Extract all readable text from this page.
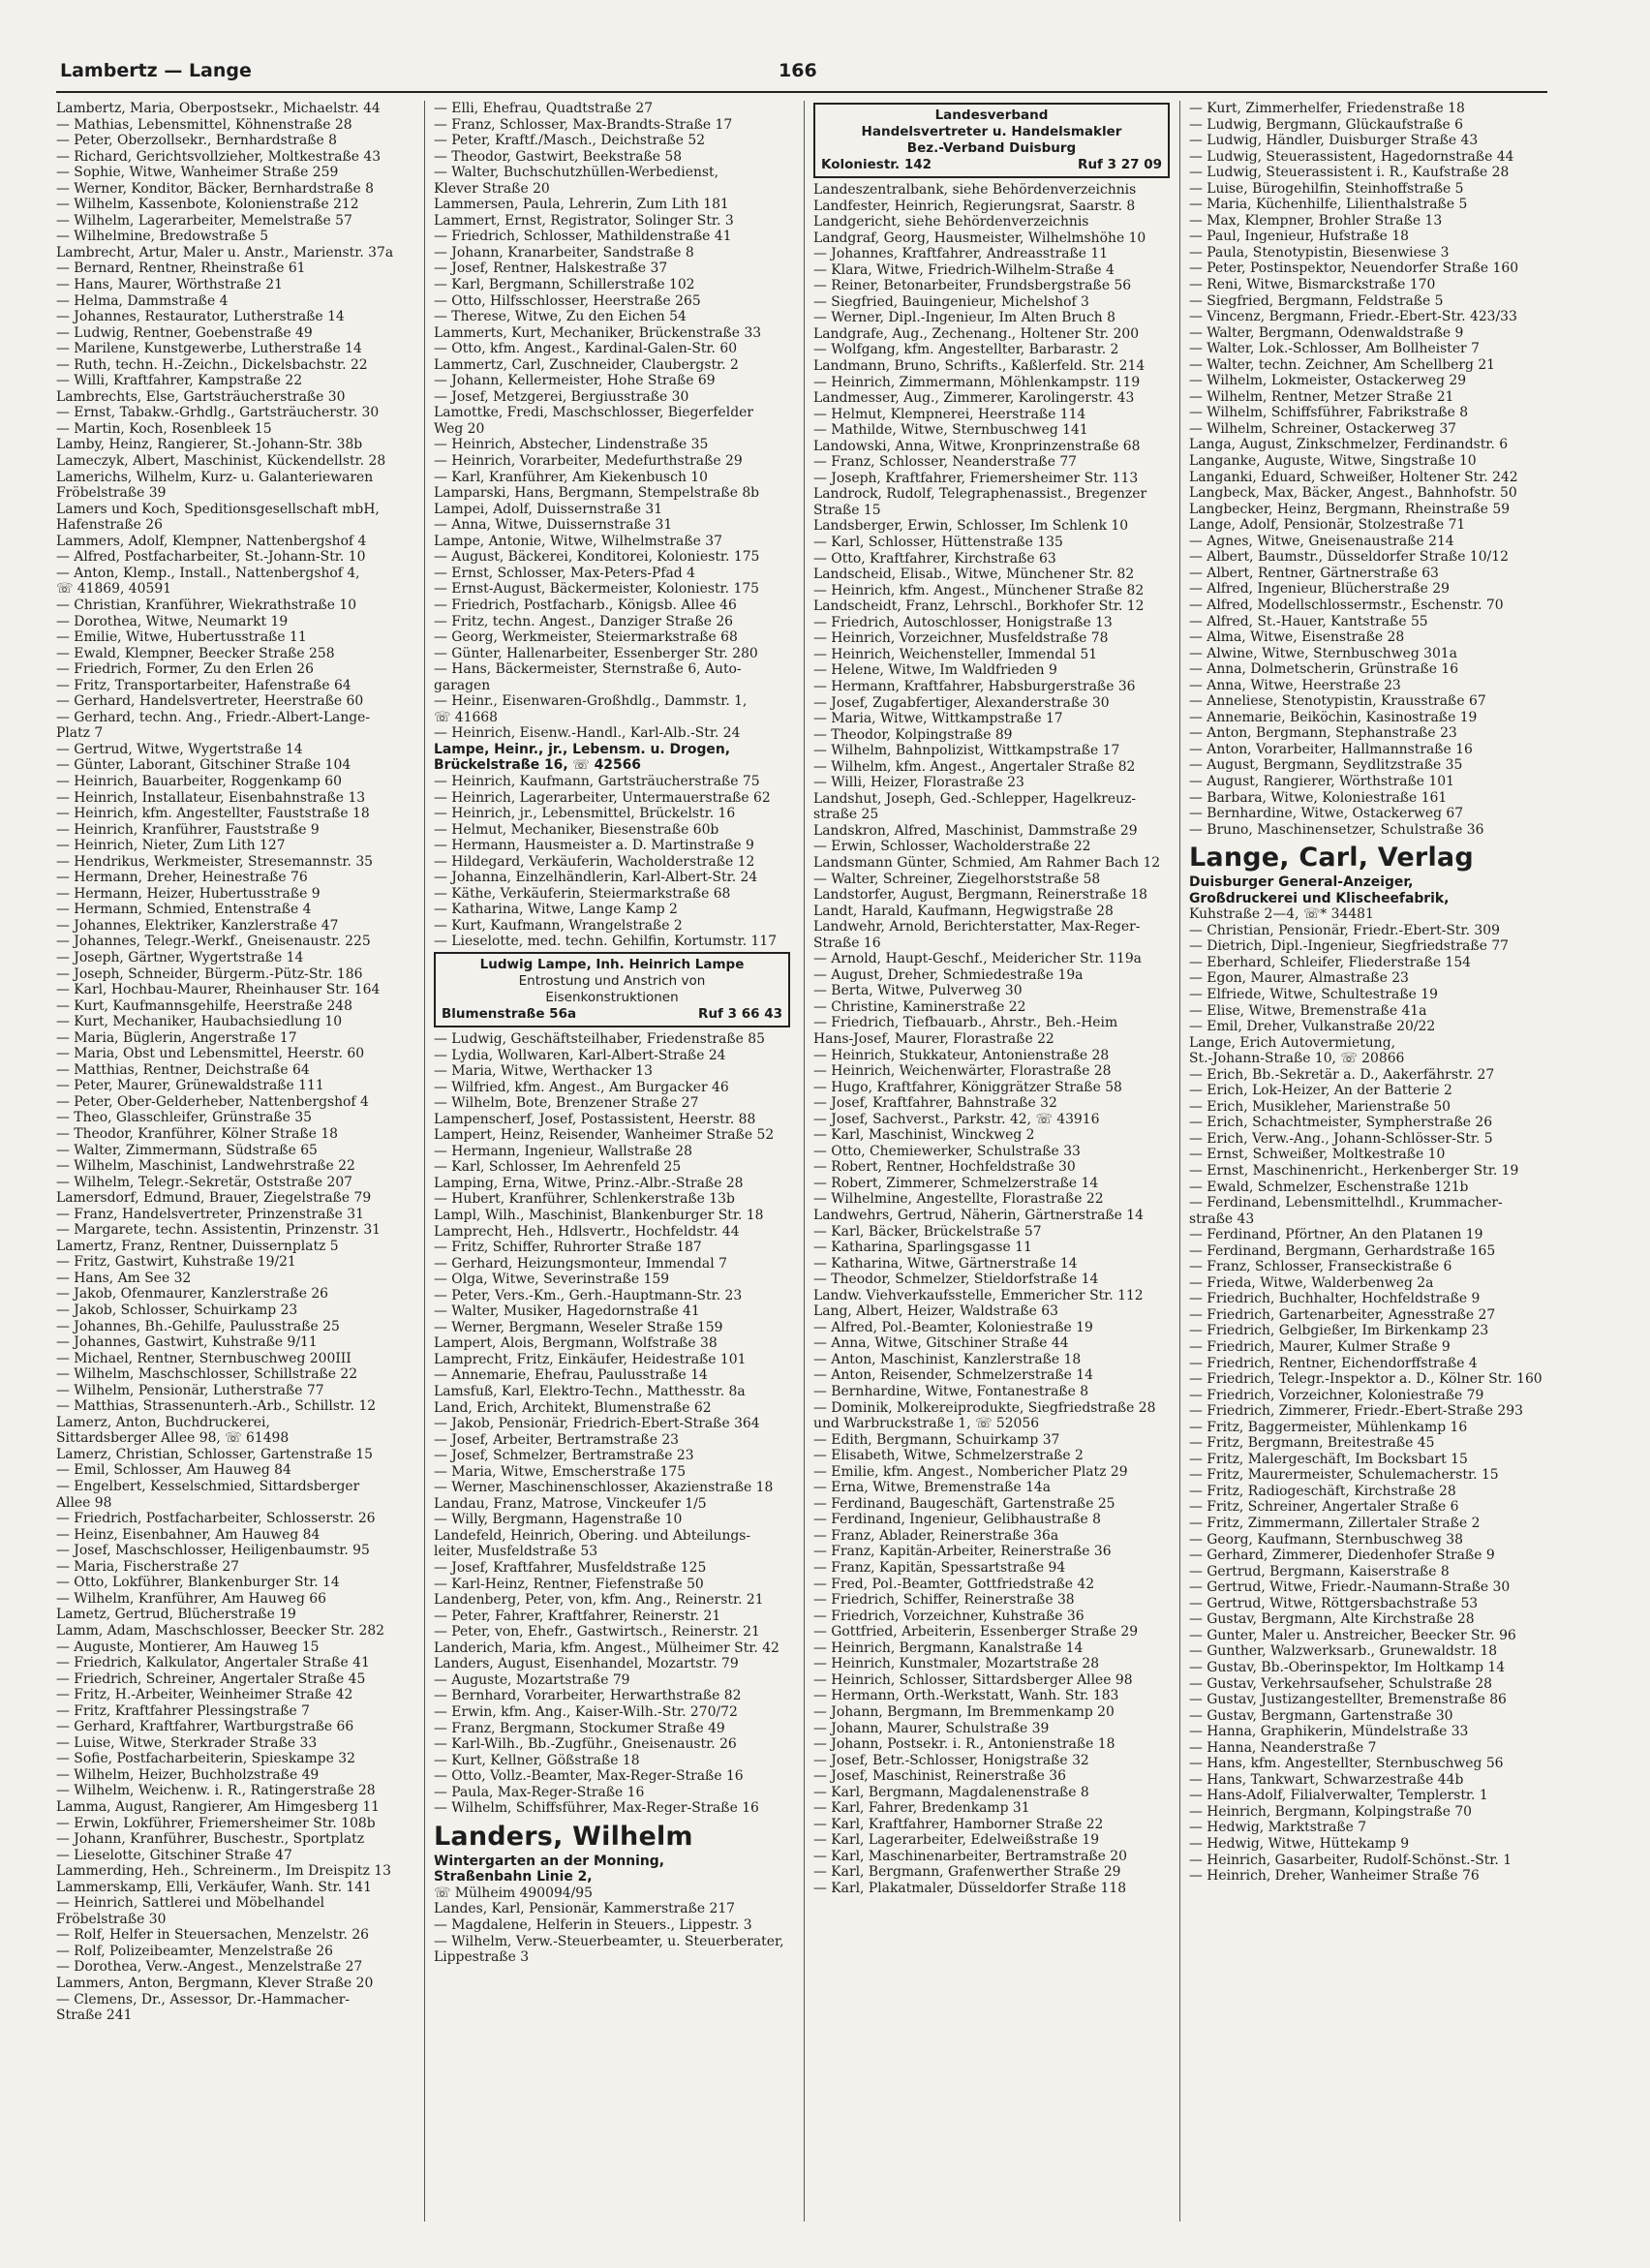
Lambertz — Lange	166
Lambertz, Maria, Oberpostsekr., Michaelstr. 44
— Mathias, Lebensmittel, Köhnenstraße 28
— Peter, Oberzollsekr., Bernhardstraße 8
— Richard, Gerichtsvollzieher, Moltkestraße 43
— Sophie, Witwe, Wanheimer Straße 259
— Werner, Konditor, Bäcker, Bernhardstraße 8
— Wilhelm, Kassenbote, Kolonienstraße 212
— Wilhelm, Lagerarbeiter, Memelstraße 57
— Wilhelmine, Bredowstraße 5
Lambrecht, Artur, Maler u. Anstr., Marienstr. 37a
— Bernard, Rentner, Rheinstraße 61
— Hans, Maurer, Wörthstraße 21
— Helma, Dammstraße 4
— Johannes, Restaurator, Lutherstraße 14
— Ludwig, Rentner, Goebenstraße 49
— Marilene, Kunstgewerbe, Lutherstraße 14
— Ruth, techn. H.-Zeichn., Dickelsbachstr. 22
— Willi, Kraftfahrer, Kampstraße 22
Lambrechts, Else, Gartsträucherstraße 30
— Ernst, Tabakw.-Grhdlg., Gartsträucherstr. 30
— Martin, Koch, Rosenbleek 15
Lamby, Heinz, Rangierer, St.-Johann-Str. 38b
Lameczyk, Albert, Maschinist, Kückendellstr. 28
Lamerichs, Wilhelm, Kurz- u. Galanteriewaren
Fröbelstraße 39
Lamers und Koch, Speditionsgesellschaft mbH,
Hafenstraße 26
Lammers, Adolf, Klempner, Nattenbergshof 4
— Alfred, Postfacharbeiter, St.-Johann-Str. 10
— Anton, Klemp., Install., Nattenbergshof 4,
☏ 41869, 40591
— Christian, Kranführer, Wiekrathstraße 10
— Dorothea, Witwe, Neumarkt 19
— Emilie, Witwe, Hubertusstraße 11
— Ewald, Klempner, Beecker Straße 258
— Friedrich, Former, Zu den Erlen 26
— Fritz, Transportarbeiter, Hafenstraße 64
— Gerhard, Handelsvertreter, Heerstraße 60
— Gerhard, techn. Ang., Friedr.-Albert-Lange-
Platz 7
— Gertrud, Witwe, Wygertstraße 14
— Günter, Laborant, Gitschiner Straße 104
— Heinrich, Bauarbeiter, Roggenkamp 60
— Heinrich, Installateur, Eisenbahnstraße 13
— Heinrich, kfm. Angestellter, Fauststraße 18
— Heinrich, Kranführer, Fauststraße 9
— Heinrich, Nieter, Zum Lith 127
— Hendrikus, Werkmeister, Stresemannstr. 35
— Hermann, Dreher, Heinestraße 76
— Hermann, Heizer, Hubertusstraße 9
— Hermann, Schmied, Entenstraße 4
— Johannes, Elektriker, Kanzlerstraße 47
— Johannes, Telegr.-Werkf., Gneisenaustr. 225
— Joseph, Gärtner, Wygertstraße 14
— Joseph, Schneider, Bürgerm.-Pütz-Str. 186
— Karl, Hochbau-Maurer, Rheinhauser Str. 164
— Kurt, Kaufmannsgehilfe, Heerstraße 248
— Kurt, Mechaniker, Haubachsiedlung 10
— Maria, Büglerin, Angerstraße 17
— Maria, Obst und Lebensmittel, Heerstr. 60
— Matthias, Rentner, Deichstraße 64
— Peter, Maurer, Grünewaldstraße 111
— Peter, Ober-Gelderheber, Nattenbergshof 4
— Theo, Glasschleifer, Grünstraße 35
— Theodor, Kranführer, Kölner Straße 18
— Walter, Zimmermann, Südstraße 65
— Wilhelm, Maschinist, Landwehrstraße 22
— Wilhelm, Telegr.-Sekretär, Oststraße 207
Lamersdorf, Edmund, Brauer, Ziegelstraße 79
— Franz, Handelsvertreter, Prinzenstraße 31
— Margarete, techn. Assistentin, Prinzenstr. 31
Lamertz, Franz, Rentner, Duissernplatz 5
— Fritz, Gastwirt, Kuhstraße 19/21
— Hans, Am See 32
— Jakob, Ofenmaurer, Kanzlerstraße 26
— Jakob, Schlosser, Schuirkamp 23
— Johannes, Bh.-Gehilfe, Paulusstraße 25
— Johannes, Gastwirt, Kuhstraße 9/11
— Michael, Rentner, Sternbuschweg 200III
— Wilhelm, Maschschlosser, Schillstraße 22
— Wilhelm, Pensionär, Lutherstraße 77
— Matthias, Strassenunterh.-Arb., Schillstr. 12
Lamerz, Anton, Buchdruckerei,
Sittardsberger Allee 98, ☏ 61498
Lamerz, Christian, Schlosser, Gartenstraße 15
— Emil, Schlosser, Am Hauweg 84
— Engelbert, Kesselschmied, Sittardsberger
Allee 98
— Friedrich, Postfacharbeiter, Schlosserstr. 26
— Heinz, Eisenbahner, Am Hauweg 84
— Josef, Maschschlosser, Heiligenbaumstr. 95
— Maria, Fischerstraße 27
— Otto, Lokführer, Blankenburger Str. 14
— Wilhelm, Kranführer, Am Hauweg 66
Lametz, Gertrud, Blücherstraße 19
Lamm, Adam, Maschschlosser, Beecker Str. 282
— Auguste, Montierer, Am Hauweg 15
— Friedrich, Kalkulator, Angertaler Straße 41
— Friedrich, Schreiner, Angertaler Straße 45
— Fritz, H.-Arbeiter, Weinheimer Straße 42
— Fritz, Kraftfahrer Plessingstraße 7
— Gerhard, Kraftfahrer, Wartburgstraße 66
— Luise, Witwe, Sterkrader Straße 33
— Sofie, Postfacharbeiterin, Spieskampe 32
— Wilhelm, Heizer, Buchholzstraße 49
— Wilhelm, Weichenw. i. R., Ratingerstraße 28
Lamma, August, Rangierer, Am Himgesberg 11
— Erwin, Lokführer, Friemersheimer Str. 108b
— Johann, Kranführer, Buschestr., Sportplatz
— Lieselotte, Gitschiner Straße 47
Lammerding, Heh., Schreinerm., Im Dreispitz 13
Lammerskamp, Elli, Verkäufer, Wanh. Str. 141
— Heinrich, Sattlerei und Möbelhandel
Fröbelstraße 30
— Rolf, Helfer in Steuersachen, Menzelstr. 26
— Rolf, Polizeibeamter, Menzelstraße 26
— Dorothea, Verw.-Angest., Menzelstraße 27
Lammers, Anton, Bergmann, Klever Straße 20
— Clemens, Dr., Assessor, Dr.-Hammacher-
Straße 241
— Elli, Ehefrau, Quadtstraße 27
— Franz, Schlosser, Max-Brandts-Straße 17
— Peter, Kraftf./Masch., Deichstraße 52
— Theodor, Gastwirt, Beekstraße 58
— Walter, Buchschutzhüllen-Werbedienst,
Klever Straße 20
Lammersen, Paula, Lehrerin, Zum Lith 181
Lammert, Ernst, Registrator, Solinger Str. 3
— Friedrich, Schlosser, Mathildenstraße 41
— Johann, Kranarbeiter, Sandstraße 8
— Josef, Rentner, Halskestraße 37
— Karl, Bergmann, Schillerstraße 102
— Otto, Hilfsschlosser, Heerstraße 265
— Therese, Witwe, Zu den Eichen 54
Lammerts, Kurt, Mechaniker, Brückenstraße 33
— Otto, kfm. Angest., Kardinal-Galen-Str. 60
Lammertz, Carl, Zuschneider, Claubergstr. 2
— Johann, Kellermeister, Hohe Straße 69
— Josef, Metzgerei, Bergiusstraße 30
Lamottke, Fredi, Maschschlosser, Biegerfelder
Weg 20
— Heinrich, Abstecher, Lindenstraße 35
— Heinrich, Vorarbeiter, Medefurthstraße 29
— Karl, Kranführer, Am Kiekenbusch 10
Lamparski, Hans, Bergmann, Stempelstraße 8b
Lampei, Adolf, Duissernstraße 31
— Anna, Witwe, Duissernstraße 31
Lampe, Antonie, Witwe, Wilhelmstraße 37
— August, Bäckerei, Konditorei, Koloniestr. 175
— Ernst, Schlosser, Max-Peters-Pfad 4
— Ernst-August, Bäckermeister, Koloniestr. 175
— Friedrich, Postfacharb., Königsb. Allee 46
— Fritz, techn. Angest., Danziger Straße 26
— Georg, Werkmeister, Steiermarkstraße 68
— Günter, Hallenarbeiter, Essenberger Str. 280
— Hans, Bäckermeister, Sternstraße 6, Auto-
garagen
— Heinr., Eisenwaren-Großhdlg., Dammstr. 1,
☏ 41668
— Heinrich, Eisenw.-Handl., Karl-Alb.-Str. 24
Lampe, Heinr., jr., Lebensm. u. Drogen,
Brückelstraße 16, ☏ 42566
— Heinrich, Kaufmann, Gartsträucherstraße 75
— Heinrich, Lagerarbeiter, Untermauerstraße 62
— Heinrich, jr., Lebensmittel, Brückelstr. 16
— Helmut, Mechaniker, Biesenstraße 60b
— Hermann, Hausmeister a. D. Martinstraße 9
— Hildegard, Verkäuferin, Wacholderstraße 12
— Johanna, Einzelhändlerin, Karl-Albert-Str. 24
— Käthe, Verkäuferin, Steiermarkstraße 68
— Katharina, Witwe, Lange Kamp 2
— Kurt, Kaufmann, Wrangelstraße 2
— Lieselotte, med. techn. Gehilfin, Kortumstr. 117
Ludwig Lampe, Inh. Heinrich Lampe
Entrostung und Anstrich von
Eisenkonstruktionen
Blumenstraße 56a	Ruf 3 66 43
— Ludwig, Geschäftsteilhaber, Friedenstraße 85
— Lydia, Wollwaren, Karl-Albert-Straße 24
— Maria, Witwe, Werthacker 13
— Wilfried, kfm. Angest., Am Burgacker 46
— Wilhelm, Bote, Brenzener Straße 27
Lampenscherf, Josef, Postassistent, Heerstr. 88
Lampert, Heinz, Reisender, Wanheimer Straße 52
— Hermann, Ingenieur, Wallstraße 28
— Karl, Schlosser, Im Aehrenfeld 25
Lamping, Erna, Witwe, Prinz.-Albr.-Straße 28
— Hubert, Kranführer, Schlenkerstraße 13b
Lampl, Wilh., Maschinist, Blankenburger Str. 18
Lamprecht, Heh., Hdlsvertr., Hochfeldstr. 44
— Fritz, Schiffer, Ruhrorter Straße 187
— Gerhard, Heizungsmonteur, Immendal 7
— Olga, Witwe, Severinstraße 159
— Peter, Vers.-Km., Gerh.-Hauptmann-Str. 23
— Walter, Musiker, Hagedornstraße 41
— Werner, Bergmann, Weseler Straße 159
Lampert, Alois, Bergmann, Wolfstraße 38
Lamprecht, Fritz, Einkäufer, Heidestraße 101
— Annemarie, Ehefrau, Paulusstraße 14
Lamsfuß, Karl, Elektro-Techn., Matthesstr. 8a
Land, Erich, Architekt, Blumenstraße 62
— Jakob, Pensionär, Friedrich-Ebert-Straße 364
— Josef, Arbeiter, Bertramstraße 23
— Josef, Schmelzer, Bertramstraße 23
— Maria, Witwe, Emscherstraße 175
— Werner, Maschinenschlosser, Akazienstraße 18
Landau, Franz, Matrose, Vinckeufer 1/5
— Willy, Bergmann, Hagenstraße 10
Landefeld, Heinrich, Obering. und Abteilungs-
leiter, Musfeldstraße 53
— Josef, Kraftfahrer, Musfeldstraße 125
— Karl-Heinz, Rentner, Fiefenstraße 50
Landenberg, Peter, von, kfm. Ang., Reinerstr. 21
— Peter, Fahrer, Kraftfahrer, Reinerstr. 21
— Peter, von, Ehefr., Gastwirtsch., Reinerstr. 21
Landerich, Maria, kfm. Angest., Mülheimer Str. 42
Landers, August, Eisenhandel, Mozartstr. 79
— Auguste, Mozartstraße 79
— Bernhard, Vorarbeiter, Herwarthstraße 82
— Erwin, kfm. Ang., Kaiser-Wilh.-Str. 270/72
— Franz, Bergmann, Stockumer Straße 49
— Karl-Wilh., Bb.-Zugführ., Gneisenaustr. 26
— Kurt, Kellner, Gößstraße 18
— Otto, Vollz.-Beamter, Max-Reger-Straße 16
— Paula, Max-Reger-Straße 16
— Wilhelm, Schiffsführer, Max-Reger-Straße 16
Landers, Wilhelm
Wintergarten an der Monning,
Straßenbahn Linie 2,
☏ Mülheim 490094/95
Landes, Karl, Pensionär, Kammerstraße 217
— Magdalene, Helferin in Steuers., Lippestr. 3
— Wilhelm, Verw.-Steuerbeamter, u. Steuerberater,
Lippestraße 3
Landesverband
Handelsvertreter u. Handelsmakler
Bez.-Verband Duisburg
Koloniestr. 142	Ruf 3 27 09
Landeszentralbank, siehe Behördenverzeichnis
Landfester, Heinrich, Regierungsrat, Saarstr. 8
Landgericht, siehe Behördenverzeichnis
Landgraf, Georg, Hausmeister, Wilhelmshöhe 10
— Johannes, Kraftfahrer, Andreasstraße 11
— Klara, Witwe, Friedrich-Wilhelm-Straße 4
— Reiner, Betonarbeiter, Frundsbergstraße 56
— Siegfried, Bauingenieur, Michelshof 3
— Werner, Dipl.-Ingenieur, Im Alten Bruch 8
Landgrafe, Aug., Zechenang., Holtener Str. 200
— Wolfgang, kfm. Angestellter, Barbarastr. 2
Landmann, Bruno, Schrifts., Kaßlerfeld. Str. 214
— Heinrich, Zimmermann, Möhlenkampstr. 119
Landmesser, Aug., Zimmerer, Karolingerstr. 43
— Helmut, Klempnerei, Heerstraße 114
— Mathilde, Witwe, Sternbuschweg 141
Landowski, Anna, Witwe, Kronprinzenstraße 68
— Franz, Schlosser, Neanderstraße 77
— Joseph, Kraftfahrer, Friemersheimer Str. 113
Landrock, Rudolf, Telegraphenassist., Bregenzer
Straße 15
Landsberger, Erwin, Schlosser, Im Schlenk 10
— Karl, Schlosser, Hüttenstraße 135
— Otto, Kraftfahrer, Kirchstraße 63
Landscheid, Elisab., Witwe, Münchener Str. 82
— Heinrich, kfm. Angest., Münchener Straße 82
Landscheidt, Franz, Lehrschl., Borkhofer Str. 12
— Friedrich, Autoschlosser, Honigstraße 13
— Heinrich, Vorzeichner, Musfeldstraße 78
— Heinrich, Weichensteller, Immendal 51
— Helene, Witwe, Im Waldfrieden 9
— Hermann, Kraftfahrer, Habsburgerstraße 36
— Josef, Zugabfertiger, Alexanderstraße 30
— Maria, Witwe, Wittkampstraße 17
— Theodor, Kolpingstraße 89
— Wilhelm, Bahnpolizist, Wittkampstraße 17
— Wilhelm, kfm. Angest., Angertaler Straße 82
— Willi, Heizer, Florastraße 23
Landshut, Joseph, Ged.-Schlepper, Hagelkreuz-
straße 25
Landskron, Alfred, Maschinist, Dammstraße 29
— Erwin, Schlosser, Wacholderstraße 22
Landsmann Günter, Schmied, Am Rahmer Bach 12
— Walter, Schreiner, Ziegelhorststraße 58
Landstorfer, August, Bergmann, Reinerstraße 18
Landt, Harald, Kaufmann, Hegwigstraße 28
Landwehr, Arnold, Berichterstatter, Max-Reger-
Straße 16
— Arnold, Haupt-Geschf., Meidericher Str. 119a
— August, Dreher, Schmiedestraße 19a
— Berta, Witwe, Pulverweg 30
— Christine, Kaminerstraße 22
— Friedrich, Tiefbauarb., Ahrstr., Beh.-Heim
Hans-Josef, Maurer, Florastraße 22
— Heinrich, Stukkateur, Antonienstraße 28
— Heinrich, Weichenwärter, Florastraße 28
— Hugo, Kraftfahrer, Königgrätzer Straße 58
— Josef, Kraftfahrer, Bahnstraße 32
— Josef, Sachverst., Parkstr. 42, ☏ 43916
— Karl, Maschinist, Winckweg 2
— Otto, Chemiewerker, Schulstraße 33
— Robert, Rentner, Hochfeldstraße 30
— Robert, Zimmerer, Schmelzerstraße 14
— Wilhelmine, Angestellte, Florastraße 22
Landwehrs, Gertrud, Näherin, Gärtnerstraße 14
— Karl, Bäcker, Brückelstraße 57
— Katharina, Sparlingsgasse 11
— Katharina, Witwe, Gärtnerstraße 14
— Theodor, Schmelzer, Stieldorfstraße 14
Landw. Viehverkaufsstelle, Emmericher Str. 112
Lang, Albert, Heizer, Waldstraße 63
— Alfred, Pol.-Beamter, Koloniestraße 19
— Anna, Witwe, Gitschiner Straße 44
— Anton, Maschinist, Kanzlerstraße 18
— Anton, Reisender, Schmelzerstraße 14
— Bernhardine, Witwe, Fontanestraße 8
— Dominik, Molkereiprodukte, Siegfriedstraße 28
und Warbruckstraße 1, ☏ 52056
— Edith, Bergmann, Schuirkamp 37
— Elisabeth, Witwe, Schmelzerstraße 2
— Emilie, kfm. Angest., Nombericher Platz 29
— Erna, Witwe, Bremenstraße 14a
— Ferdinand, Baugeschäft, Gartenstraße 25
— Ferdinand, Ingenieur, Gelibhaustraße 8
— Franz, Ablader, Reinerstraße 36a
— Franz, Kapitän-Arbeiter, Reinerstraße 36
— Franz, Kapitän, Spessartstraße 94
— Fred, Pol.-Beamter, Gottfriedstraße 42
— Friedrich, Schiffer, Reinerstraße 38
— Friedrich, Vorzeichner, Kuhstraße 36
— Gottfried, Arbeiterin, Essenberger Straße 29
— Heinrich, Bergmann, Kanalstraße 14
— Heinrich, Kunstmaler, Mozartstraße 28
— Heinrich, Schlosser, Sittardsberger Allee 98
— Hermann, Orth.-Werkstatt, Wanh. Str. 183
— Johann, Bergmann, Im Bremmenkamp 20
— Johann, Maurer, Schulstraße 39
— Johann, Postsekr. i. R., Antonienstraße 18
— Josef, Betr.-Schlosser, Honigstraße 32
— Josef, Maschinist, Reinerstraße 36
— Karl, Bergmann, Magdalenenstraße 8
— Karl, Fahrer, Bredenkamp 31
— Karl, Kraftfahrer, Hamborner Straße 22
— Karl, Lagerarbeiter, Edelweißstraße 19
— Karl, Maschinenarbeiter, Bertramstraße 20
— Karl, Bergmann, Grafenwerther Straße 29
— Karl, Plakatmaler, Düsseldorfer Straße 118
— Kurt, Zimmerhelfer, Friedenstraße 18
— Ludwig, Bergmann, Glückaufstraße 6
— Ludwig, Händler, Duisburger Straße 43
— Ludwig, Steuerassistent, Hagedornstraße 44
— Ludwig, Steuerassistent i. R., Kaufstraße 28
— Luise, Bürogehilfin, Steinhoffstraße 5
— Maria, Küchenhilfe, Lilienthalstraße 5
— Max, Klempner, Brohler Straße 13
— Paul, Ingenieur, Hufstraße 18
— Paula, Stenotypistin, Biesenwiese 3
— Peter, Postinspektor, Neuendorfer Straße 160
— Reni, Witwe, Bismarckstraße 170
— Siegfried, Bergmann, Feldstraße 5
— Vincenz, Bergmann, Friedr.-Ebert-Str. 423/33
— Walter, Bergmann, Odenwaldstraße 9
— Walter, Lok.-Schlosser, Am Bollheister 7
— Walter, techn. Zeichner, Am Schellberg 21
— Wilhelm, Lokmeister, Ostackerweg 29
— Wilhelm, Rentner, Metzer Straße 21
— Wilhelm, Schiffsführer, Fabrikstraße 8
— Wilhelm, Schreiner, Ostackerweg 37
Langa, August, Zinkschmelzer, Ferdinandstr. 6
Langanke, Auguste, Witwe, Singstraße 10
Langanki, Eduard, Schweißer, Holtener Str. 242
Langbeck, Max, Bäcker, Angest., Bahnhofstr. 50
Langbecker, Heinz, Bergmann, Rheinstraße 59
Lange, Adolf, Pensionär, Stolzestraße 71
— Agnes, Witwe, Gneisenaustraße 214
— Albert, Baumstr., Düsseldorfer Straße 10/12
— Albert, Rentner, Gärtnerstraße 63
— Alfred, Ingenieur, Blücherstraße 29
— Alfred, Modellschlossermstr., Eschenstr. 70
— Alfred, St.-Hauer, Kantstraße 55
— Alma, Witwe, Eisenstraße 28
— Alwine, Witwe, Sternbuschweg 301a
— Anna, Dolmetscherin, Grünstraße 16
— Anna, Witwe, Heerstraße 23
— Anneliese, Stenotypistin, Krausstraße 67
— Annemarie, Beiköchin, Kasinostraße 19
— Anton, Bergmann, Stephanstraße 23
— Anton, Vorarbeiter, Hallmannstraße 16
— August, Bergmann, Seydlitzstraße 35
— August, Rangierer, Wörthstraße 101
— Barbara, Witwe, Koloniestraße 161
— Bernhardine, Witwe, Ostackerweg 67
— Bruno, Maschinensetzer, Schulstraße 36
Lange, Carl, Verlag
Duisburger General-Anzeiger,
Großdruckerei und Klischeefabrik,
Kuhstraße 2—4, ☏* 34481
— Christian, Pensionär, Friedr.-Ebert-Str. 309
— Dietrich, Dipl.-Ingenieur, Siegfriedstraße 77
— Eberhard, Schleifer, Fliederstraße 154
— Egon, Maurer, Almastraße 23
— Elfriede, Witwe, Schultestraße 19
— Elise, Witwe, Bremenstraße 41a
— Emil, Dreher, Vulkanstraße 20/22
Lange, Erich Autovermietung,
St.-Johann-Straße 10, ☏ 20866
— Erich, Bb.-Sekretär a. D., Aakerfährstr. 27
— Erich, Lok-Heizer, An der Batterie 2
— Erich, Musikleher, Marienstraße 50
— Erich, Schachtmeister, Sympherstraße 26
— Erich, Verw.-Ang., Johann-Schlösser-Str. 5
— Ernst, Schweißer, Moltkestraße 10
— Ernst, Maschinenricht., Herkenberger Str. 19
— Ewald, Schmelzer, Eschenstraße 121b
— Ferdinand, Lebensmittelhdl., Krummacher-
straße 43
— Ferdinand, Pförtner, An den Platanen 19
— Ferdinand, Bergmann, Gerhardstraße 165
— Franz, Schlosser, Franseckistraße 6
— Frieda, Witwe, Walderbenweg 2a
— Friedrich, Buchhalter, Hochfeldstraße 9
— Friedrich, Gartenarbeiter, Agnesstraße 27
— Friedrich, Gelbgießer, Im Birkenkamp 23
— Friedrich, Maurer, Kulmer Straße 9
— Friedrich, Rentner, Eichendorffstraße 4
— Friedrich, Telegr.-Inspektor a. D., Kölner Str. 160
— Friedrich, Vorzeichner, Koloniestraße 79
— Friedrich, Zimmerer, Friedr.-Ebert-Straße 293
— Fritz, Baggermeister, Mühlenkamp 16
— Fritz, Bergmann, Breitestraße 45
— Fritz, Malergeschäft, Im Bocksbart 15
— Fritz, Maurermeister, Schulemacherstr. 15
— Fritz, Radiogeschäft, Kirchstraße 28
— Fritz, Schreiner, Angertaler Straße 6
— Fritz, Zimmermann, Zillertaler Straße 2
— Georg, Kaufmann, Sternbuschweg 38
— Gerhard, Zimmerer, Diedenhofer Straße 9
— Gertrud, Bergmann, Kaiserstraße 8
— Gertrud, Witwe, Friedr.-Naumann-Straße 30
— Gertrud, Witwe, Röttgersbachstraße 53
— Gustav, Bergmann, Alte Kirchstraße 28
— Gunter, Maler u. Anstreicher, Beecker Str. 96
— Gunther, Walzwerksarb., Grunewaldstr. 18
— Gustav, Bb.-Oberinspektor, Im Holtkamp 14
— Gustav, Verkehrsaufseher, Schulstraße 28
— Gustav, Justizangestellter, Bremenstraße 86
— Gustav, Bergmann, Gartenstraße 30
— Hanna, Graphikerin, Mündelstraße 33
— Hanna, Neanderstraße 7
— Hans, kfm. Angestellter, Sternbuschweg 56
— Hans, Tankwart, Schwarzestraße 44b
— Hans-Adolf, Filialverwalter, Templerstr. 1
— Heinrich, Bergmann, Kolpingstraße 70
— Hedwig, Marktstraße 7
— Hedwig, Witwe, Hüttekamp 9
— Heinrich, Gasarbeiter, Rudolf-Schönst.-Str. 1
— Heinrich, Dreher, Wanheimer Straße 76
